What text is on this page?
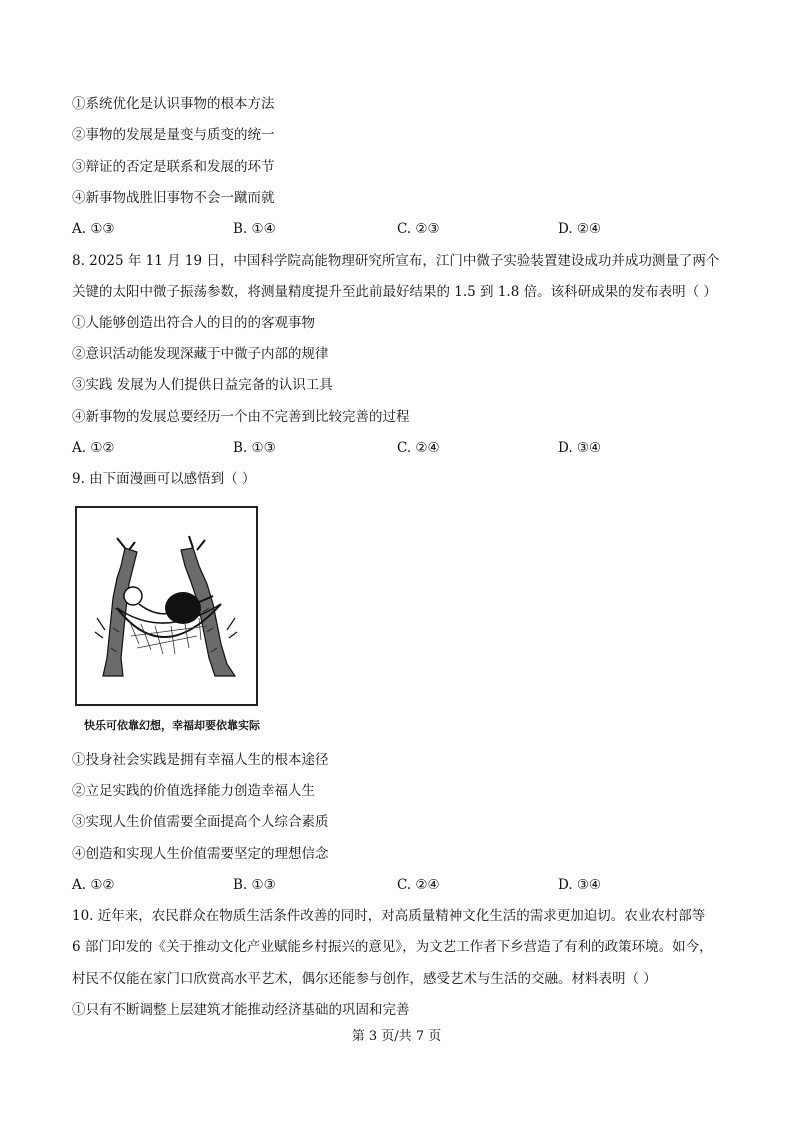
①系统优化是认识事物的根本方法
②事物的发展是量变与质变的统一
③辩证的否定是联系和发展的环节
④新事物战胜旧事物不会一蹴而就
A. ①③	B. ①④	C. ②③	D. ②④
8. 2025 年 11 月 19 日，中国科学院高能物理研究所宣布，江门中微子实验装置建设成功并成功测量了两个
关键的太阳中微子振荡参数，将测量精度提升至此前最好结果的 1.5 到 1.8 倍。该科研成果的发布表明（ ）
①人能够创造出符合人的目的的客观事物
②意识活动能发现深藏于中微子内部的规律
③实践 发展为人们提供日益完备的认识工具
④新事物的发展总要经历一个由不完善到比较完善的过程
A. ①②	B. ①③	C. ②④	D. ③④
9. 由下面漫画可以感悟到（ ）
快乐可依靠幻想，幸福却要依靠实际
①投身社会实践是拥有幸福人生的根本途径
②立足实践的价值选择能力创造幸福人生
③实现人生价值需要全面提高个人综合素质
④创造和实现人生价值需要坚定的理想信念
A. ①②	B. ①③	C. ②④	D. ③④
10. 近年来，农民群众在物质生活条件改善的同时，对高质量精神文化生活的需求更加迫切。农业农村部等
6 部门印发的《关于推动文化产业赋能乡村振兴的意见》，为文艺工作者下乡营造了有利的政策环境。如今，
村民不仅能在家门口欣赏高水平艺术，偶尔还能参与创作，感受艺术与生活的交融。材料表明（ ）
①只有不断调整上层建筑才能推动经济基础的巩固和完善
第 3 页/共 7 页
